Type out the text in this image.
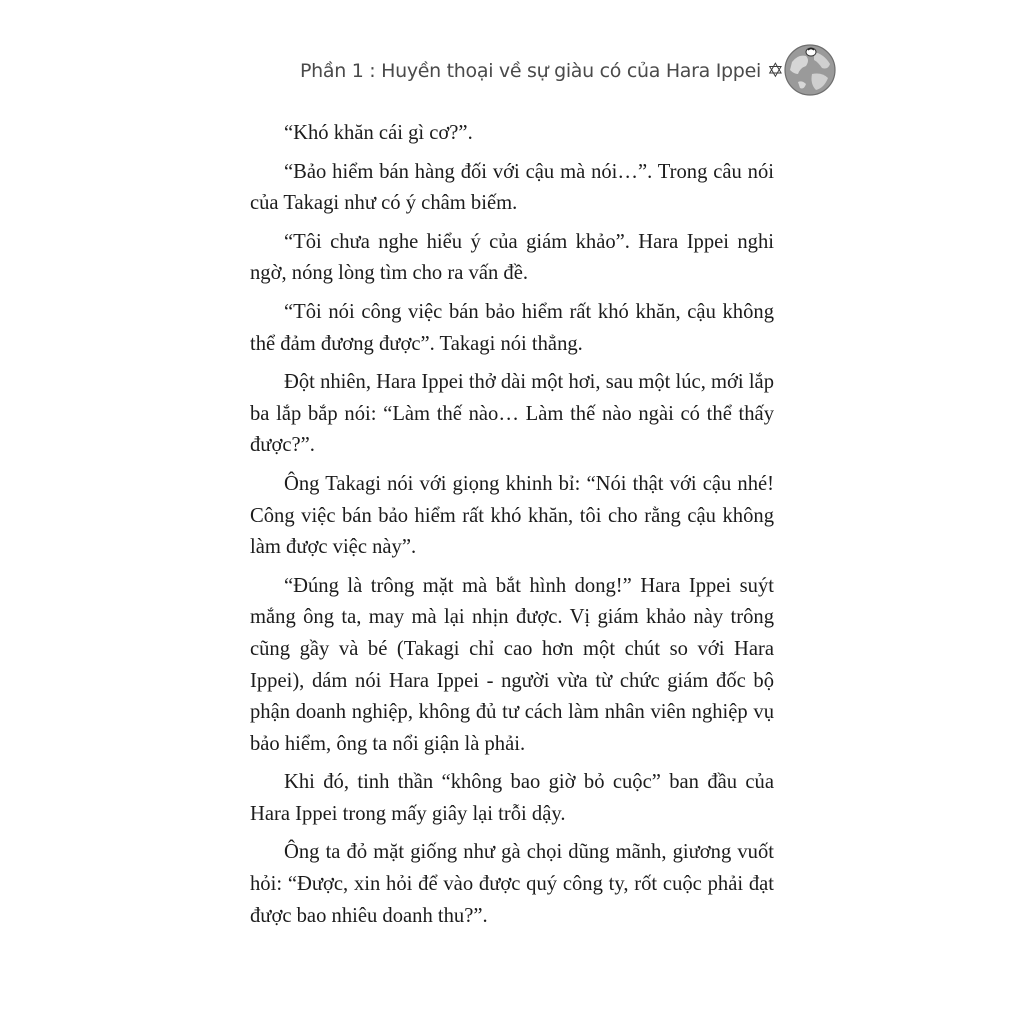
Phần 1 : Huyền thoại về sự giàu có của Hara Ippei ✡

“Khó khăn cái gì cơ?”.

“Bảo hiểm bán hàng đối với cậu mà nói…”. Trong câu nói của Takagi như có ý châm biếm.

“Tôi chưa nghe hiểu ý của giám khảo”. Hara Ippei nghi ngờ, nóng lòng tìm cho ra vấn đề.

“Tôi nói công việc bán bảo hiểm rất khó khăn, cậu không thể đảm đương được”. Takagi nói thẳng.

Đột nhiên, Hara Ippei thở dài một hơi, sau một lúc, mới lắp ba lắp bắp nói: “Làm thế nào… Làm thế nào ngài có thể thấy được?”.

Ông Takagi nói với giọng khinh bỉ: “Nói thật với cậu nhé! Công việc bán bảo hiểm rất khó khăn, tôi cho rằng cậu không làm được việc này”.

“Đúng là trông mặt mà bắt hình dong!” Hara Ippei suýt mắng ông ta, may mà lại nhịn được. Vị giám khảo này trông cũng gầy và bé (Takagi chỉ cao hơn một chút so với Hara Ippei), dám nói Hara Ippei - người vừa từ chức giám đốc bộ phận doanh nghiệp, không đủ tư cách làm nhân viên nghiệp vụ bảo hiểm, ông ta nổi giận là phải.

Khi đó, tinh thần “không bao giờ bỏ cuộc” ban đầu của Hara Ippei trong mấy giây lại trỗi dậy.

Ông ta đỏ mặt giống như gà chọi dũng mãnh, giương vuốt hỏi: “Được, xin hỏi để vào được quý công ty, rốt cuộc phải đạt được bao nhiêu doanh thu?”.
